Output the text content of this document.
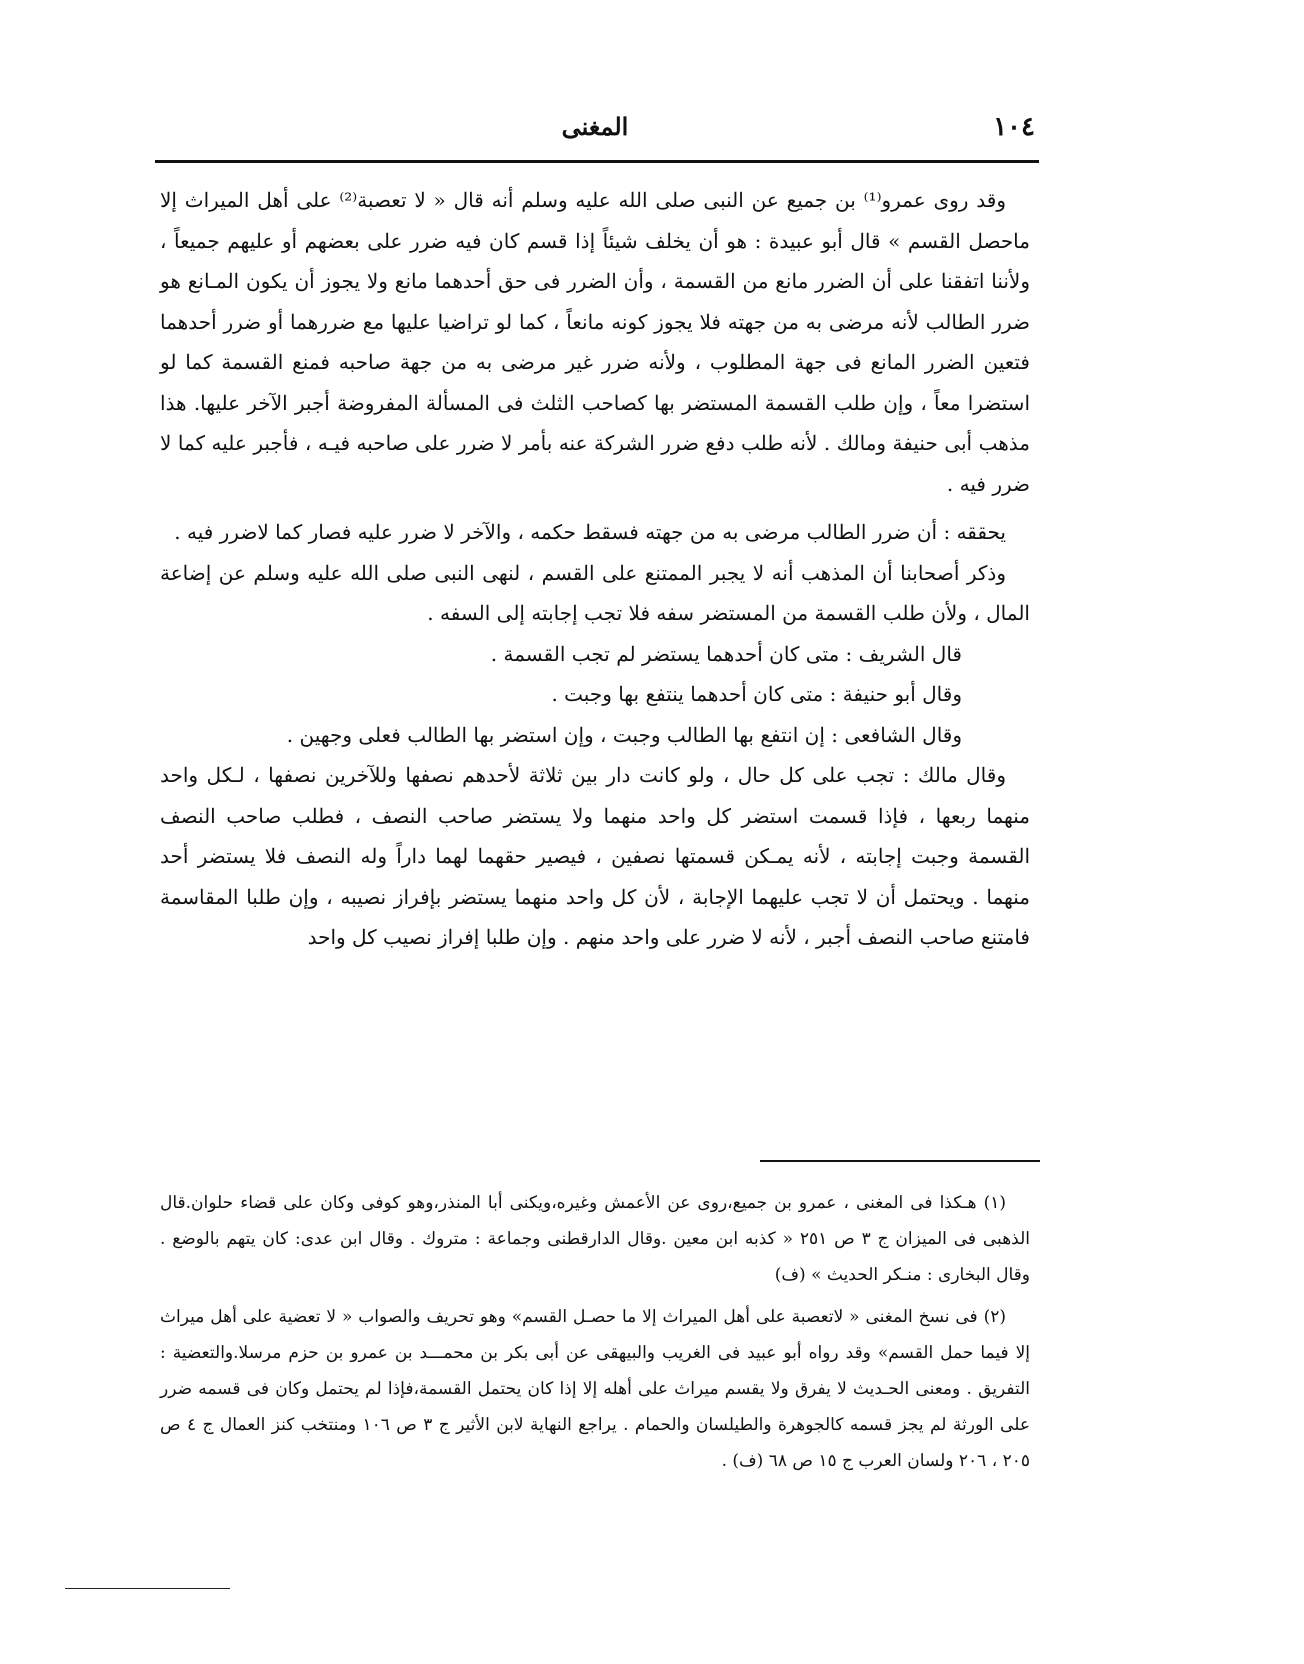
١٠٤
المغنى

وقد روى عمرو⁽¹⁾ بن جميع عن النبى صلى الله عليه وسلم أنه قال « لا تعصبة⁽²⁾ على أهل الميراث إلا ماحصل القسم » قال أبو عبيدة : هو أن يخلف شيئاً إذا قسم كان فيه ضرر على بعضهم أو عليهم جميعاً ، ولأننا اتفقنا على أن الضرر مانع من القسمة ، وأن الضرر فى حق أحدهما مانع ولا يجوز أن يكون المـانع هو ضرر الطالب لأنه مرضى به من جهته فلا يجوز كونه مانعاً ، كما لو تراضيا عليها مع ضررهما أو ضرر أحدهما فتعين الضرر المانع فى جهة المطلوب ، ولأنه ضرر غير مرضى به من جهة صاحبه فمنع القسمة كما لو استضرا معاً ، وإن طلب القسمة المستضر بها كصاحب الثلث فى المسألة المفروضة أجبر الآخر عليها. هذا مذهب أبى حنيفة ومالك . لأنه طلب دفع ضرر الشركة عنه بأمر لا ضرر على صاحبه فيـه ، فأجبر عليه كما لا ضرر فيه .

يحققه : أن ضرر الطالب مرضى به من جهته فسقط حكمه ، والآخر لا ضرر عليه فصار كما لاضرر فيه .

وذكر أصحابنا أن المذهب أنه لا يجبر الممتنع على القسم ، لنهى النبى صلى الله عليه وسلم عن إضاعة المال ، ولأن طلب القسمة من المستضر سفه فلا تجب إجابته إلى السفه .

قال الشريف : متى كان أحدهما يستضر لم تجب القسمة .

وقال أبو حنيفة : متى كان أحدهما ينتفع بها وجبت .

وقال الشافعى : إن انتفع بها الطالب وجبت ، وإن استضر بها الطالب فعلى وجهين .

وقال مالك : تجب على كل حال ، ولو كانت دار بين ثلاثة لأحدهم نصفها وللآخرين نصفها ، لـكل واحد منهما ربعها ، فإذا قسمت استضر كل واحد منهما ولا يستضر صاحب النصف ، فطلب صاحب النصف القسمة وجبت إجابته ، لأنه يمـكن قسمتها نصفين ، فيصير حقهما لهما داراً وله النصف فلا يستضر أحد منهما . ويحتمل أن لا تجب عليهما الإجابة ، لأن كل واحد منهما يستضر بإفراز نصيبه ، وإن طلبا المقاسمة فامتنع صاحب النصف أجبر ، لأنه لا ضرر على واحد منهم . وإن طلبا إفراز نصيب كل واحد

(١) هـكذا فى المغنى ، عمرو بن جميع،روى عن الأعمش وغيره،ويكنى أبا المنذر،وهو كوفى وكان على قضاء حلوان.قال الذهبى فى الميزان ج ٣ ص ٢٥١ « كذبه ابن معين .وقال الدارقطنى وجماعة : متروك . وقال ابن عدى: كان يتهم بالوضع . وقال البخارى : منـكر الحديث » (ف)

(٢) فى نسخ المغنى « لاتعصبة على أهل الميراث إلا ما حصـل القسم» وهو تحريف والصواب « لا تعضية على أهل ميراث إلا فيما حمل القسم» وقد رواه أبو عبيد فى الغريب والبيهقى عن أبى بكر بن محمـــد بن عمرو بن حزم مرسلا.والتعضية : التفريق . ومعنى الحـديث لا يفرق ولا يقسم ميراث على أهله إلا إذا كان يحتمل القسمة،فإذا لم يحتمل وكان فى قسمه ضرر على الورثة لم يجز قسمه كالجوهرة والطيلسان والحمام . يراجع النهاية لابن الأثير ج ٣ ص ١٠٦ ومنتخب كنز العمال ج ٤ ص ٢٠٥ ، ٢٠٦ ولسان العرب ج ١٥ ص ٦٨ (ف) .
